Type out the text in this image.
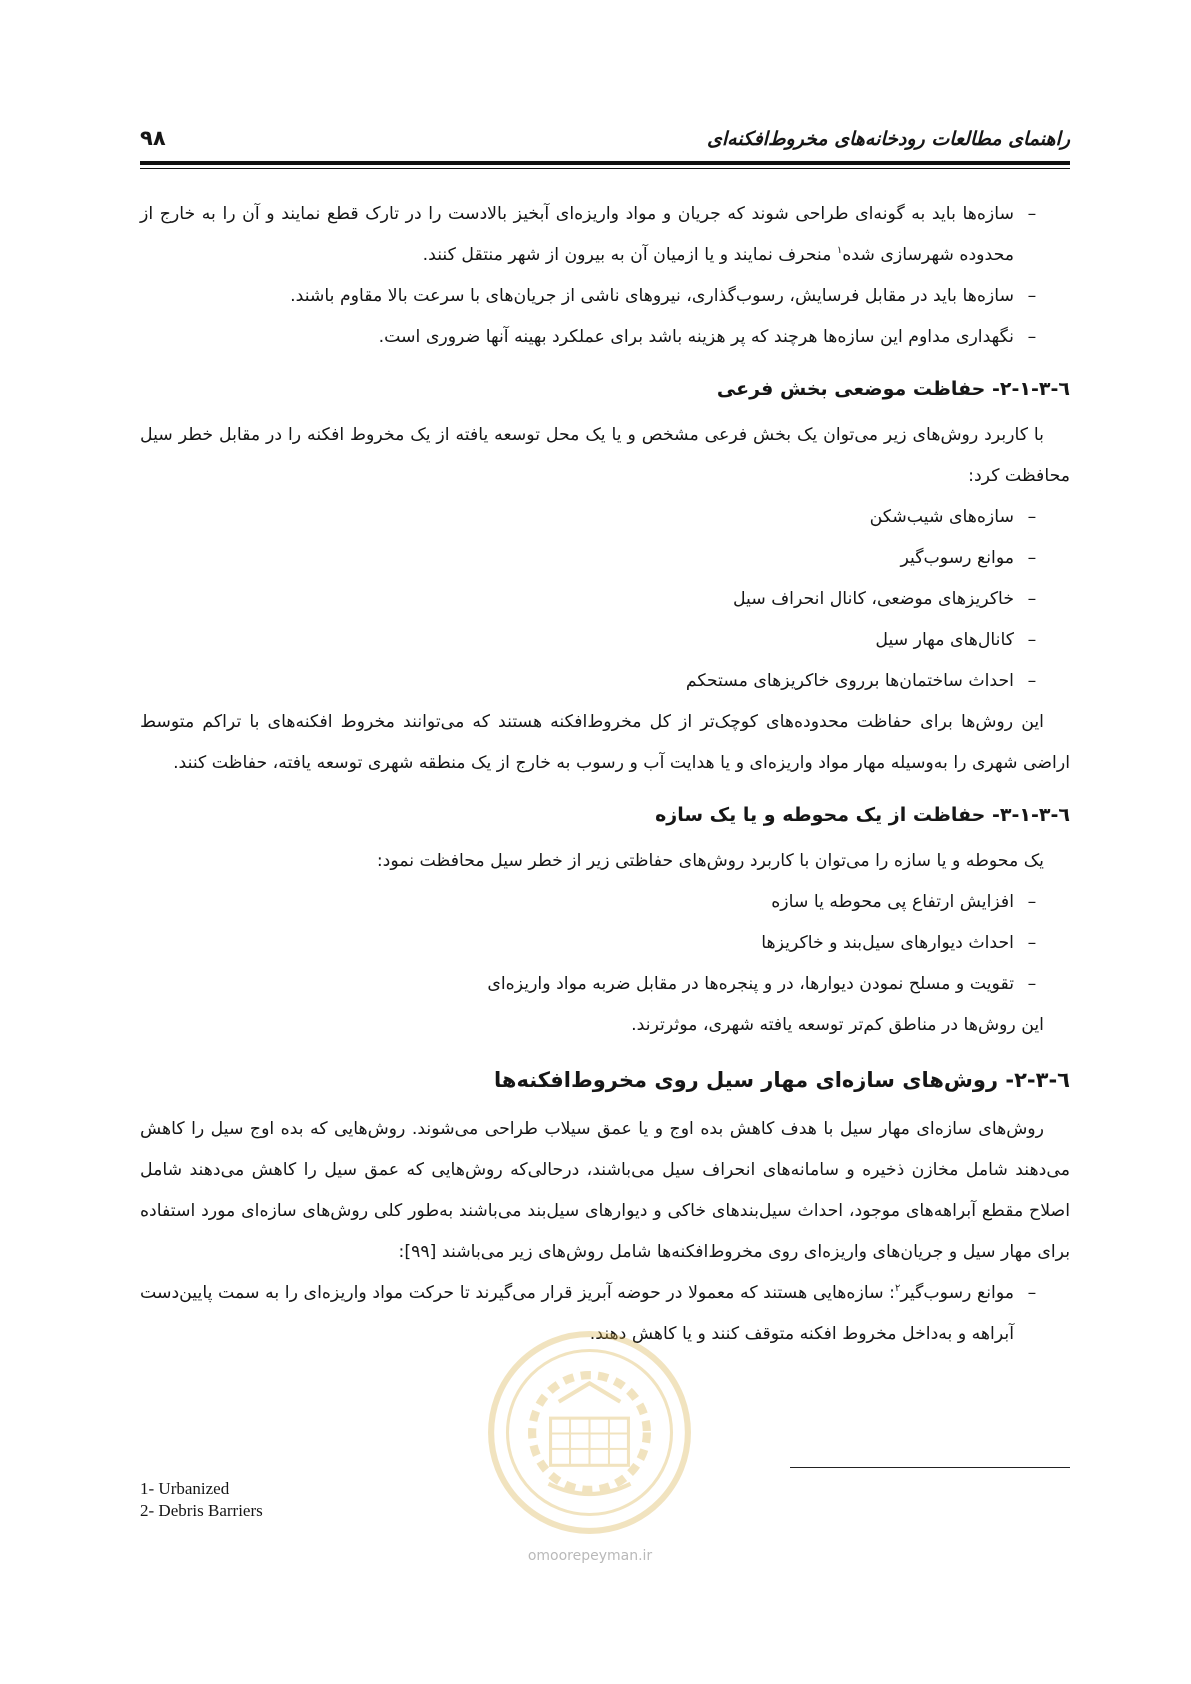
راهنمای مطالعات رودخانه‌های مخروط‌افکنه‌ای
۹۸

–
سازه‌ها باید به گونه‌ای طراحی شوند که جریان و مواد واریزه‌ای آبخیز بالادست را در تارک قطع نمایند و آن را به خارج از محدوده شهرسازی شده$^۱$ منحرف نمایند و یا ازمیان آن به بیرون از شهر منتقل کنند.

–
سازه‌ها باید در مقابل فرسایش، رسوب‌گذاری، نیروهای ناشی از جریان‌های با سرعت بالا مقاوم باشند.

–
نگهداری مداوم این سازه‌ها هرچند که پر هزینه باشد برای عملکرد بهینه آنها ضروری است.

٦-٣-١-٢- حفاظت موضعی بخش فرعی

با کاربرد روش‌های زیر می‌توان یک بخش فرعی مشخص و یا یک محل توسعه یافته از یک مخروط افکنه را در مقابل خطر سیل محافظت کرد:

–
سازه‌های شیب‌شکن

–
موانع رسوب‌گیر

–
خاکریزهای موضعی، کانال انحراف سیل

–
کانال‌های مهار سیل

–
احداث ساختمان‌ها برروی خاکریزهای مستحکم

این روش‌ها برای حفاظت محدوده‌های کوچک‌تر از کل مخروط‌افکنه هستند که می‌توانند مخروط افکنه‌های با تراکم متوسط اراضی شهری را به‌وسیله مهار مواد واریزه‌ای و یا هدایت آب و رسوب به خارج از یک منطقه شهری توسعه یافته، حفاظت کنند.

٦-٣-١-٣- حفاظت از یک محوطه و یا یک سازه

یک محوطه و یا سازه را می‌توان با کاربرد روش‌های حفاظتی زیر از خطر سیل محافظت نمود:

–
افزایش ارتفاع پی محوطه یا سازه

–
احداث دیوارهای سیل‌بند و خاکریزها

–
تقویت و مسلح نمودن دیوارها، در و پنجره‌ها در مقابل ضربه مواد واریزه‌ای

این روش‌ها در مناطق کم‌تر توسعه یافته شهری، موثرترند.

٦-٣-٢- روش‌های سازه‌ای مهار سیل روی مخروط‌افکنه‌ها

روش‌های سازه‌ای مهار سیل با هدف کاهش بده اوج و یا عمق سیلاب طراحی می‌شوند. روش‌هایی که بده اوج سیل را کاهش می‌دهند شامل مخازن ذخیره و سامانه‌های انحراف سیل می‌باشند، درحالی‌که روش‌هایی که عمق سیل را کاهش می‌دهند شامل اصلاح مقطع آبراهه‌های موجود، احداث سیل‌بندهای خاکی و دیوارهای سیل‌بند می‌باشند به‌طور کلی روش‌های سازه‌ای مورد استفاده برای مهار سیل و جریان‌های واریزه‌ای روی مخروط‌افکنه‌ها شامل روش‌های زیر می‌باشند [۹۹]:

–
موانع رسوب‌گیر$^۲$: سازه‌هایی هستند که معمولا در حوضه آبریز قرار می‌گیرند تا حرکت مواد واریزه‌ای را به سمت پایین‌دست آبراهه و به‌داخل مخروط افکنه متوقف کنند و یا کاهش دهند.

1- Urbanized
2- Debris Barriers
omoorepeyman.ir
